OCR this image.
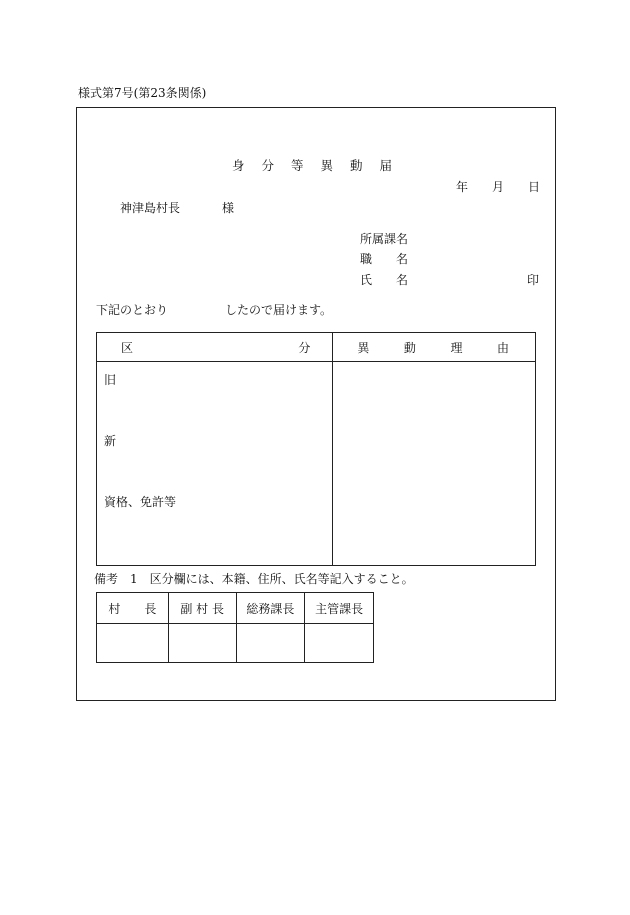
様式第7号(第23条関係)
身 分 等 異 動 届
年 月 日
神津島村長	様
所属課名
職　　名
氏　　名	印
下記のとおり	したので届けます。
区 分	異 動 理 由

旧
新
資格、免許等	

備考　1　区分欄には、本籍、住所、氏名等記入すること。
村　　長	副 村 長	総務課長	主管課長
